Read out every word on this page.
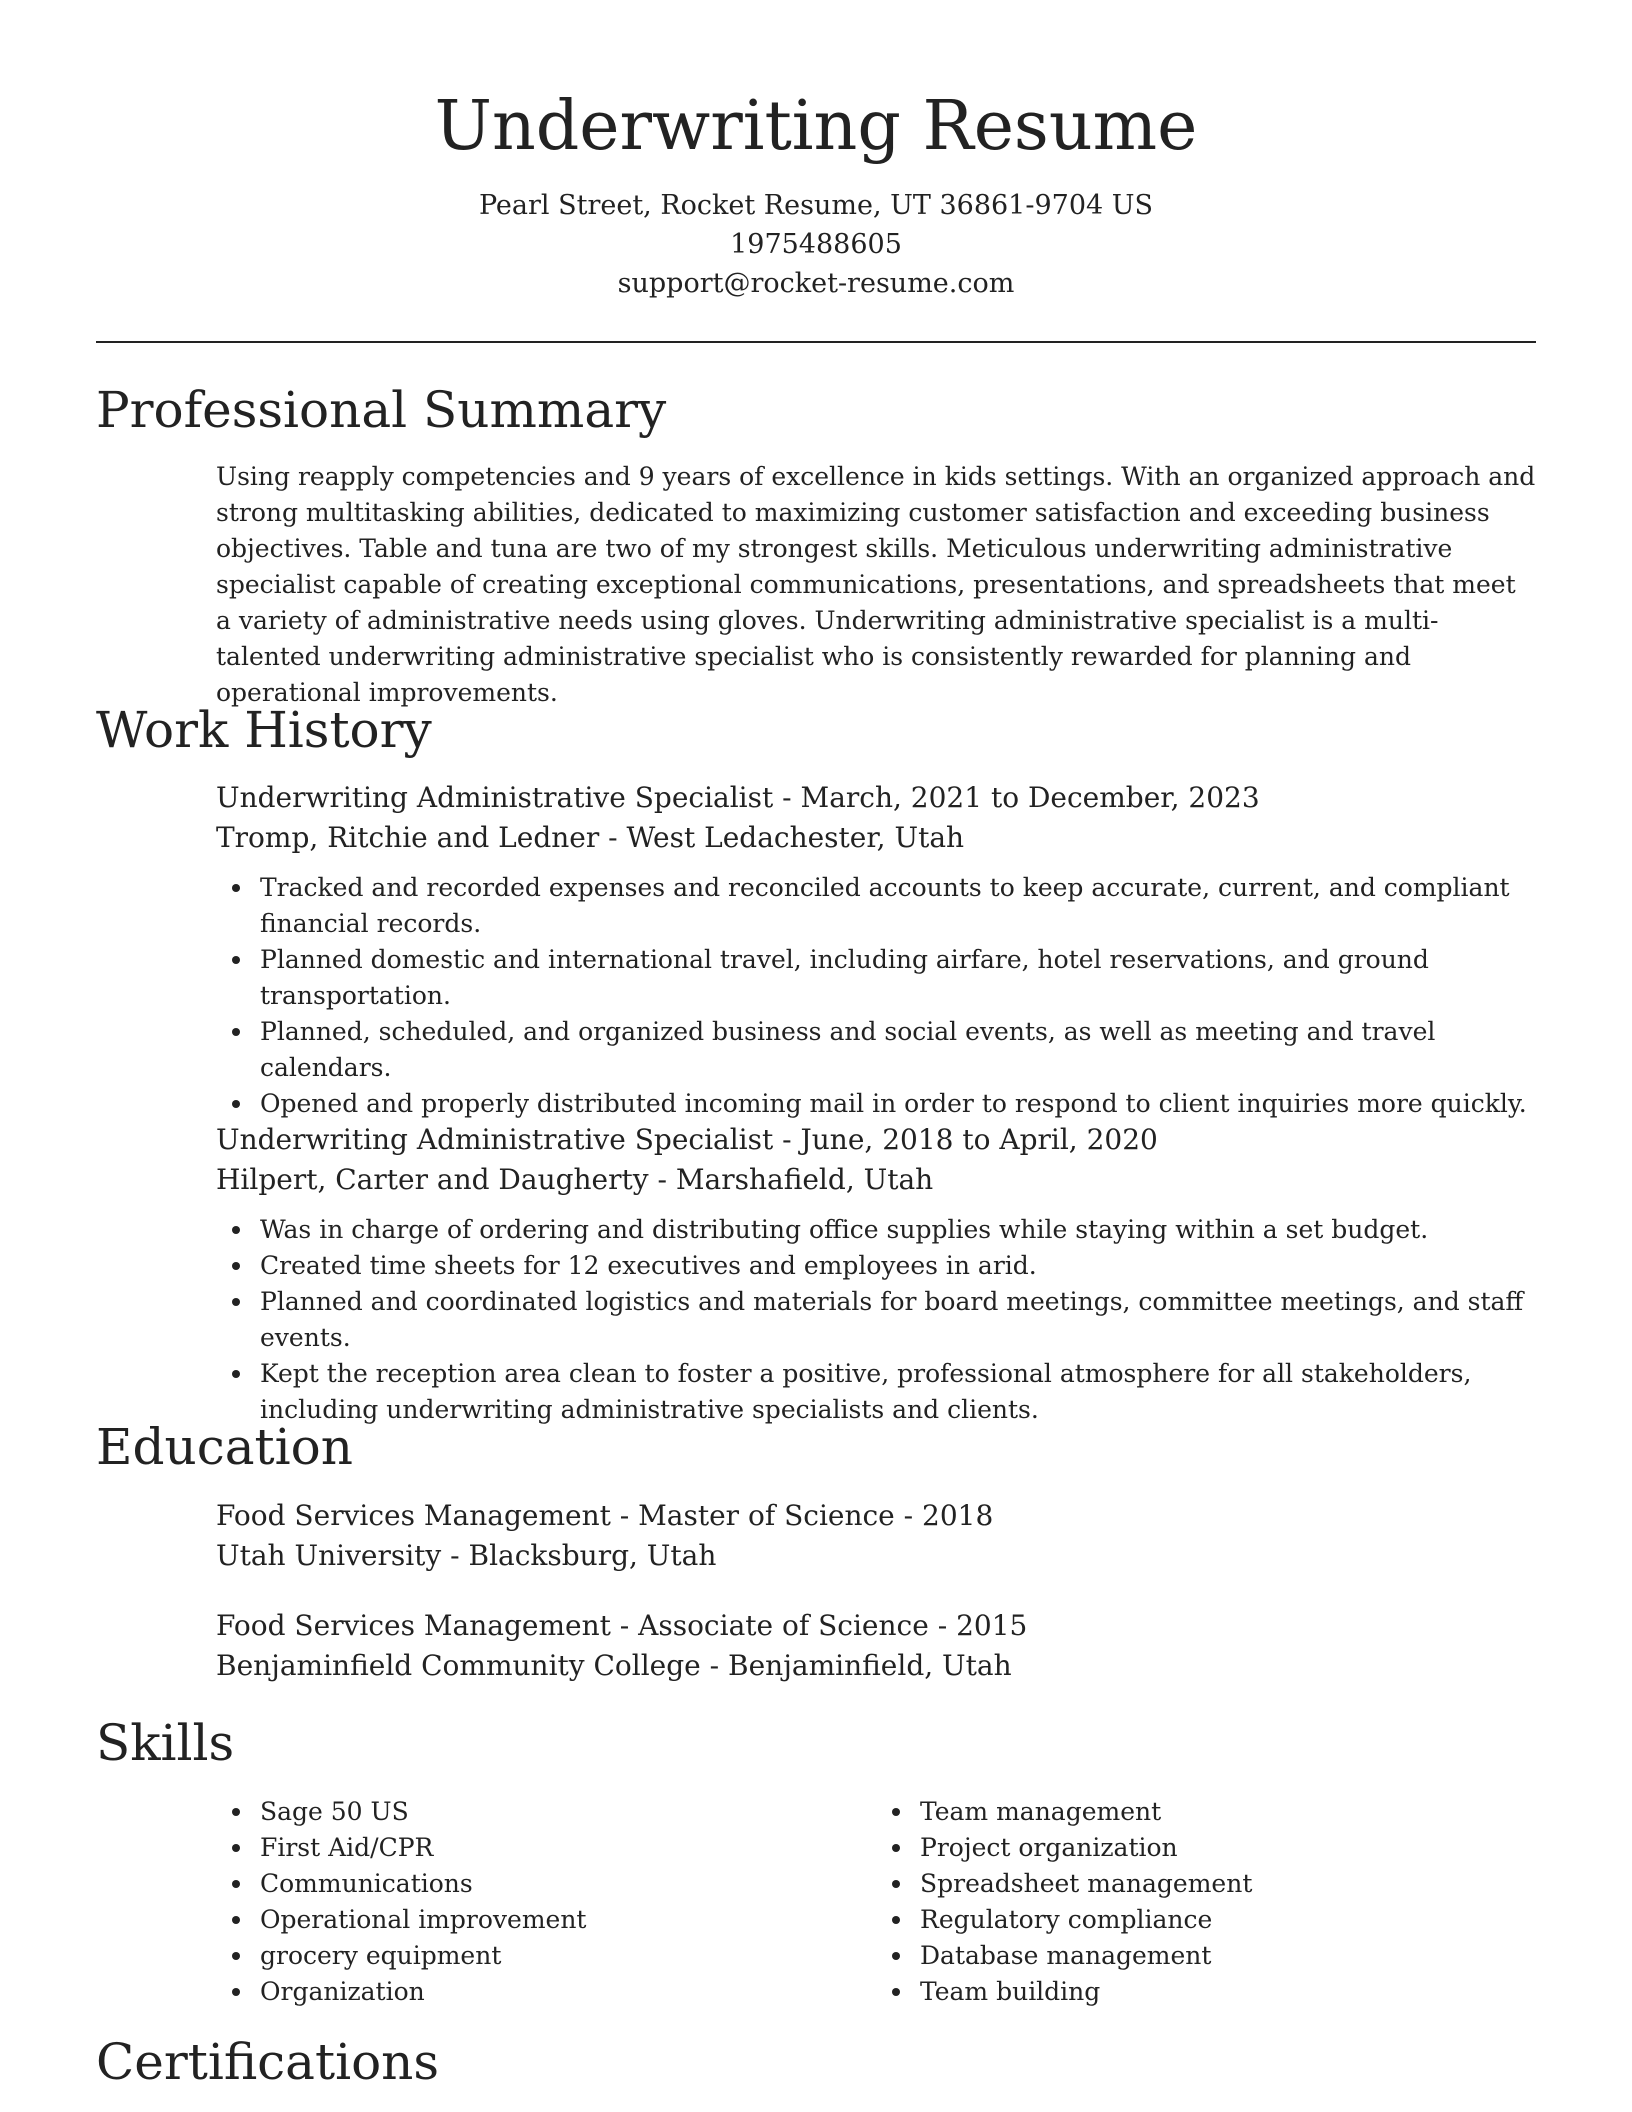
Underwriting Resume
Pearl Street, Rocket Resume, UT 36861-9704 US
1975488605
support@rocket-resume.com
Professional Summary

Using reapply competencies and 9 years of excellence in kids settings. With an organized approach and strong multitasking abilities, dedicated to maximizing customer satisfaction and exceeding business objectives. Table and tuna are two of my strongest skills. Meticulous underwriting administrative specialist capable of creating exceptional communications, presentations, and spreadsheets that meet a variety of administrative needs using gloves. Underwriting administrative specialist is a multi-talented underwriting administrative specialist who is consistently rewarded for planning and operational improvements.

Work History
Underwriting Administrative Specialist - March, 2021 to December, 2023
Tromp, Ritchie and Ledner - West Ledachester, Utah
Tracked and recorded expenses and reconciled accounts to keep accurate, current, and compliant financial records.
Planned domestic and international travel, including airfare, hotel reservations, and ground transportation.
Planned, scheduled, and organized business and social events, as well as meeting and travel calendars.
Opened and properly distributed incoming mail in order to respond to client inquiries more quickly.
Underwriting Administrative Specialist - June, 2018 to April, 2020
Hilpert, Carter and Daugherty - Marshafield, Utah
Was in charge of ordering and distributing office supplies while staying within a set budget.
Created time sheets for 12 executives and employees in arid.
Planned and coordinated logistics and materials for board meetings, committee meetings, and staff events.
Kept the reception area clean to foster a positive, professional atmosphere for all stakeholders, including underwriting administrative specialists and clients.
Education
Food Services Management - Master of Science - 2018
Utah University - Blacksburg, Utah
Food Services Management - Associate of Science - 2015
Benjaminfield Community College - Benjaminfield, Utah
Skills
Sage 50 US
First Aid/CPR
Communications
Operational improvement
grocery equipment
Organization
Team management
Project organization
Spreadsheet management
Regulatory compliance
Database management
Team building
Certifications
